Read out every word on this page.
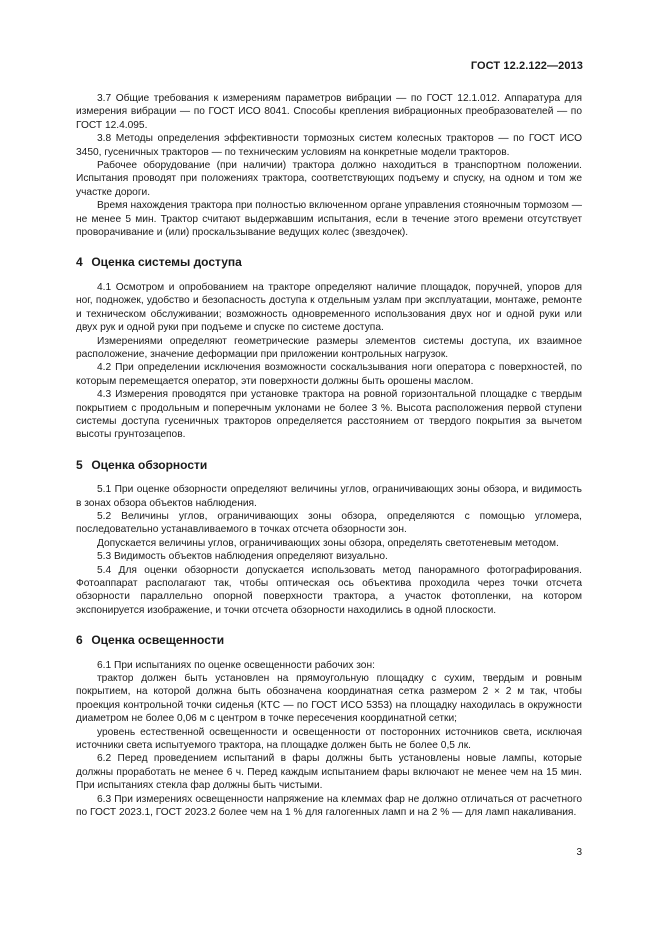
ГОСТ 12.2.122—2013

3.7 Общие требования к измерениям параметров вибрации — по ГОСТ 12.1.012. Аппаратура для измерения вибрации — по ГОСТ ИСО 8041. Способы крепления вибрационных преобразователей — по ГОСТ 12.4.095.

3.8 Методы определения эффективности тормозных систем колесных тракторов — по ГОСТ ИСО 3450, гусеничных тракторов — по техническим условиям на конкретные модели тракторов.

Рабочее оборудование (при наличии) трактора должно находиться в транспортном положении. Испытания проводят при положениях трактора, соответствующих подъему и спуску, на одном и том же участке дороги.

Время нахождения трактора при полностью включенном органе управления стояночным тормозом — не менее 5 мин. Трактор считают выдержавшим испытания, если в течение этого времени отсутствует проворачивание и (или) проскальзывание ведущих колес (звездочек).

4 Оценка системы доступа

4.1 Осмотром и опробованием на тракторе определяют наличие площадок, поручней, упоров для ног, подножек, удобство и безопасность доступа к отдельным узлам при эксплуатации, монтаже, ремонте и техническом обслуживании; возможность одновременного использования двух ног и одной руки или двух рук и одной руки при подъеме и спуске по системе доступа.

Измерениями определяют геометрические размеры элементов системы доступа, их взаимное расположение, значение деформации при приложении контрольных нагрузок.

4.2 При определении исключения возможности соскальзывания ноги оператора с поверхностей, по которым перемещается оператор, эти поверхности должны быть орошены маслом.

4.3 Измерения проводятся при установке трактора на ровной горизонтальной площадке с твердым покрытием с продольным и поперечным уклонами не более 3 %. Высота расположения первой ступени системы доступа гусеничных тракторов определяется расстоянием от твердого покрытия за вычетом высоты грунтозацепов.

5 Оценка обзорности

5.1 При оценке обзорности определяют величины углов, ограничивающих зоны обзора, и видимость в зонах обзора объектов наблюдения.

5.2 Величины углов, ограничивающих зоны обзора, определяются с помощью угломера, последовательно устанавливаемого в точках отсчета обзорности зон.

Допускается величины углов, ограничивающих зоны обзора, определять светотеневым методом.

5.3 Видимость объектов наблюдения определяют визуально.

5.4 Для оценки обзорности допускается использовать метод панорамного фотографирования. Фотоаппарат располагают так, чтобы оптическая ось объектива проходила через точки отсчета обзорности параллельно опорной поверхности трактора, а участок фотопленки, на котором экспонируется изображение, и точки отсчета обзорности находились в одной плоскости.

6 Оценка освещенности

6.1 При испытаниях по оценке освещенности рабочих зон:

трактор должен быть установлен на прямоугольную площадку с сухим, твердым и ровным покрытием, на которой должна быть обозначена координатная сетка размером 2 × 2 м так, чтобы проекция контрольной точки сиденья (КТС — по ГОСТ ИСО 5353) на площадку находилась в окружности диаметром не более 0,06 м с центром в точке пересечения координатной сетки;

уровень естественной освещенности и освещенности от посторонних источников света, исключая источники света испытуемого трактора, на площадке должен быть не более 0,5 лк.

6.2 Перед проведением испытаний в фары должны быть установлены новые лампы, которые должны проработать не менее 6 ч. Перед каждым испытанием фары включают не менее чем на 15 мин. При испытаниях стекла фар должны быть чистыми.

6.3 При измерениях освещенности напряжение на клеммах фар не должно отличаться от расчетного по ГОСТ 2023.1, ГОСТ 2023.2 более чем на 1 % для галогенных ламп и на 2 % — для ламп накаливания.

3
